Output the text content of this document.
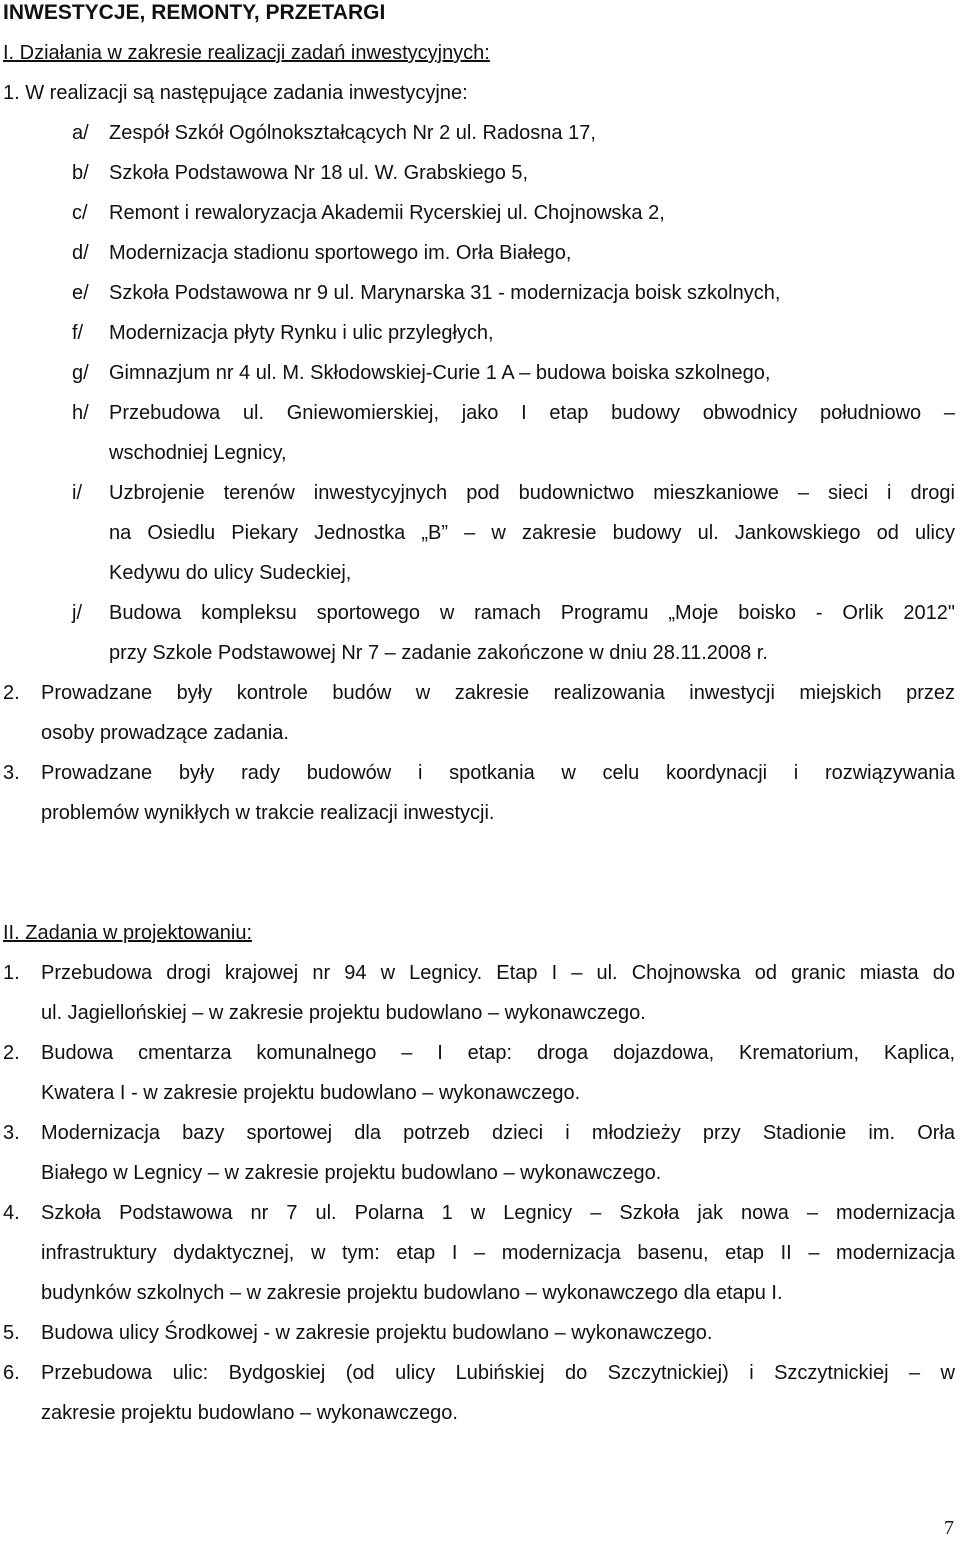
INWESTYCJE, REMONTY, PRZETARGI
I. Działania w zakresie realizacji zadań inwestycyjnych:
1. W realizacji są następujące zadania inwestycyjne:
a/ Zespół Szkół Ogólnokształcących Nr 2 ul. Radosna 17,
b/ Szkoła Podstawowa Nr 18 ul. W. Grabskiego 5,
c/ Remont i rewaloryzacja Akademii Rycerskiej ul. Chojnowska 2,
d/ Modernizacja stadionu sportowego im. Orła Białego,
e/ Szkoła Podstawowa nr 9 ul. Marynarska 31 - modernizacja boisk szkolnych,
f/ Modernizacja płyty Rynku i ulic przyległych,
g/ Gimnazjum nr 4 ul. M. Skłodowskiej-Curie 1 A – budowa boiska szkolnego,
h/ Przebudowa ul. Gniewomierskiej, jako I etap budowy obwodnicy południowo –
wschodniej Legnicy,
i/ Uzbrojenie terenów inwestycyjnych pod budownictwo mieszkaniowe – sieci i drogi
na Osiedlu Piekary Jednostka „B” – w zakresie budowy ul. Jankowskiego od ulicy
Kedywu do ulicy Sudeckiej,
j/ Budowa kompleksu sportowego w ramach Programu „Moje boisko - Orlik 2012"
przy Szkole Podstawowej Nr 7 – zadanie zakończone w dniu 28.11.2008 r.
2. Prowadzane były kontrole budów w zakresie realizowania inwestycji miejskich przez
osoby prowadzące zadania.
3. Prowadzane były rady budowów i spotkania w celu koordynacji i rozwiązywania
problemów wynikłych w trakcie realizacji inwestycji.
II. Zadania w projektowaniu:
1. Przebudowa drogi krajowej nr 94 w Legnicy. Etap I – ul. Chojnowska od granic miasta do
ul. Jagiellońskiej – w zakresie projektu budowlano – wykonawczego.
2. Budowa cmentarza komunalnego – I etap: droga dojazdowa, Krematorium, Kaplica,
Kwatera I - w zakresie projektu budowlano – wykonawczego.
3. Modernizacja bazy sportowej dla potrzeb dzieci i młodzieży przy Stadionie im. Orła
Białego w Legnicy – w zakresie projektu budowlano – wykonawczego.
4. Szkoła Podstawowa nr 7 ul. Polarna 1 w Legnicy – Szkoła jak nowa – modernizacja
infrastruktury dydaktycznej, w tym: etap I – modernizacja basenu, etap II – modernizacja
budynków szkolnych – w zakresie projektu budowlano – wykonawczego dla etapu I.
5. Budowa ulicy Środkowej - w zakresie projektu budowlano – wykonawczego.
6. Przebudowa ulic: Bydgoskiej (od ulicy Lubińskiej do Szczytnickiej) i Szczytnickiej – w
zakresie projektu budowlano – wykonawczego.
7
